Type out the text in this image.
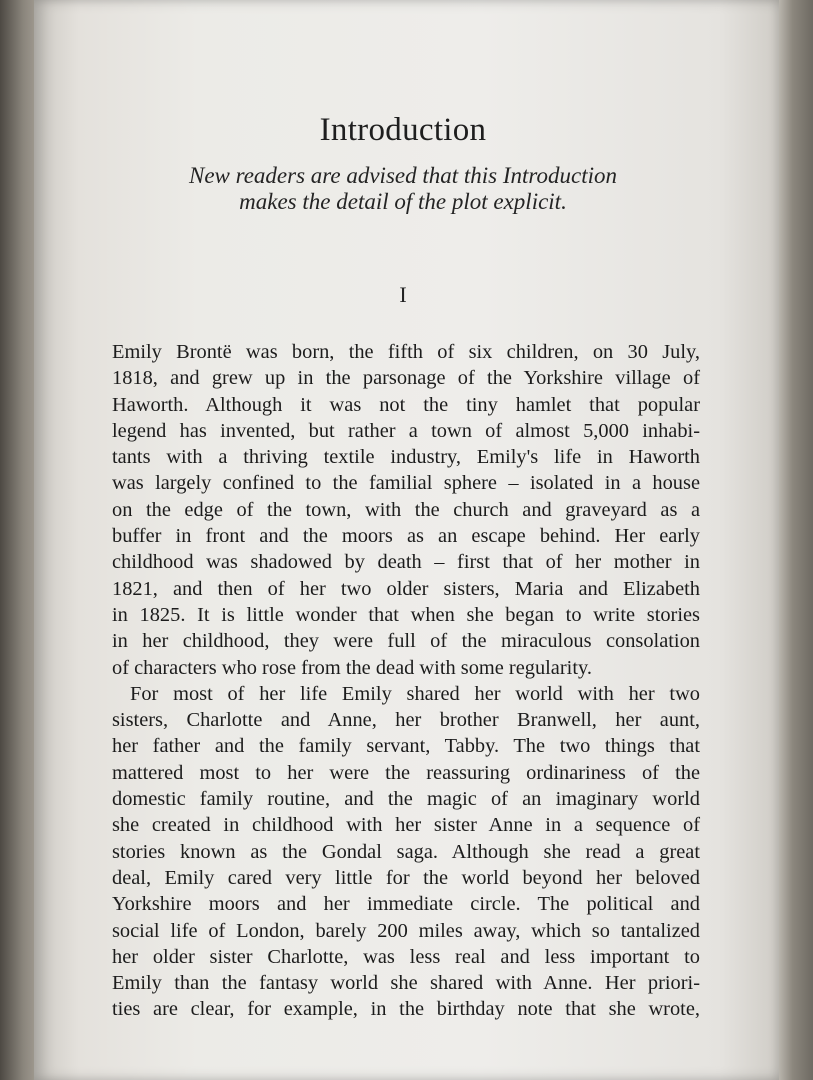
Introduction
New readers are advised that this Introduction
makes the detail of the plot explicit.
I
Emily Brontë was born, the fifth of six children, on 30 July,
1818, and grew up in the parsonage of the Yorkshire village of
Haworth. Although it was not the tiny hamlet that popular
legend has invented, but rather a town of almost 5,000 inhabi-
tants with a thriving textile industry, Emily's life in Haworth
was largely confined to the familial sphere – isolated in a house
on the edge of the town, with the church and graveyard as a
buffer in front and the moors as an escape behind. Her early
childhood was shadowed by death – first that of her mother in
1821, and then of her two older sisters, Maria and Elizabeth
in 1825. It is little wonder that when she began to write stories
in her childhood, they were full of the miraculous consolation
of characters who rose from the dead with some regularity.
For most of her life Emily shared her world with her two
sisters, Charlotte and Anne, her brother Branwell, her aunt,
her father and the family servant, Tabby. The two things that
mattered most to her were the reassuring ordinariness of the
domestic family routine, and the magic of an imaginary world
she created in childhood with her sister Anne in a sequence of
stories known as the Gondal saga. Although she read a great
deal, Emily cared very little for the world beyond her beloved
Yorkshire moors and her immediate circle. The political and
social life of London, barely 200 miles away, which so tantalized
her older sister Charlotte, was less real and less important to
Emily than the fantasy world she shared with Anne. Her priori-
ties are clear, for example, in the birthday note that she wrote,
